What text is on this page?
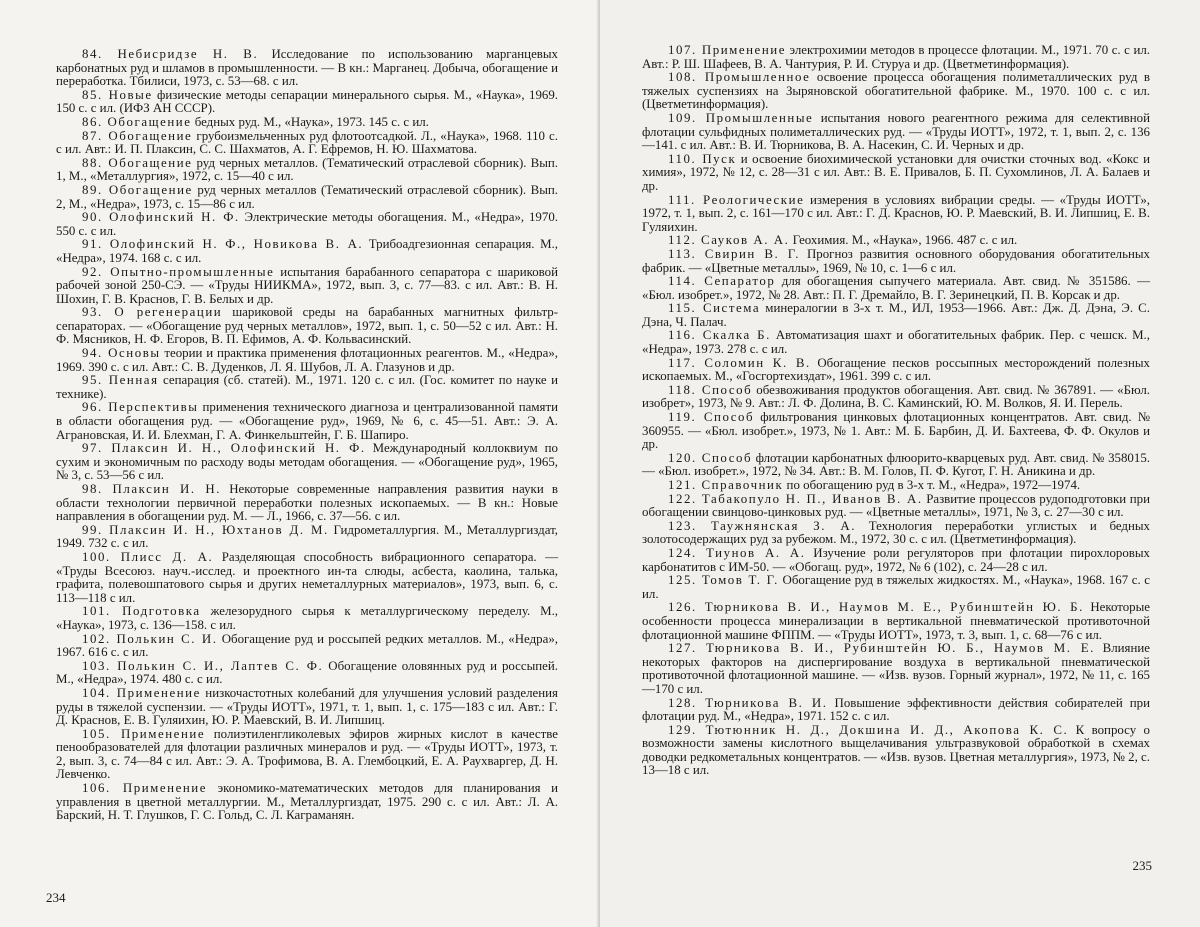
84. Небисридзе Н. В. Исследование по использованию марганцевых карбонатных руд и шламов в промышленности. — В кн.: Марганец. Добыча, обогащение и переработка. Тбилиси, 1973, с. 53—68. с ил.

85. Новые физические методы сепарации минерального сырья. М., «Наука», 1969. 150 с. с ил. (ИФЗ АН СССР).

86. Обогащение бедных руд. М., «Наука», 1973. 145 с. с ил.

87. Обогащение грубоизмельченных руд флотоотсадкой. Л., «Наука», 1968. 110 с. с ил. Авт.: И. П. Плаксин, С. С. Шахматов, А. Г. Ефремов, Н. Ю. Шахматова.

88. Обогащение руд черных металлов. (Тематический отраслевой сборник). Вып. 1, М., «Металлургия», 1972, с. 15—40 с ил.

89. Обогащение руд черных металлов (Тематический отраслевой сборник). Вып. 2, М., «Недра», 1973, с. 15—86 с ил.

90. Олофинский Н. Ф. Электрические методы обогащения. М., «Недра», 1970. 550 с. с ил.

91. Олофинский Н. Ф., Новикова В. А. Трибоадгезионная сепарация. М., «Недра», 1974. 168 с. с ил.

92. Опытно-промышленные испытания барабанного сепаратора с шариковой рабочей зоной 250-СЭ. — «Труды НИИКМА», 1972, вып. 3, с. 77—83. с ил. Авт.: В. Н. Шохин, Г. В. Краснов, Г. В. Белых и др.

93. О регенерации шариковой среды на барабанных магнитных фильтр-сепараторах. — «Обогащение руд черных металлов», 1972, вып. 1, с. 50—52 с ил. Авт.: Н. Ф. Мясников, Н. Ф. Егоров, В. П. Ефимов, А. Ф. Кольвасинский.

94. Основы теории и практика применения флотационных реагентов. М., «Недра», 1969. 390 с. с ил. Авт.: С. В. Дуденков, Л. Я. Шубов, Л. А. Глазунов и др.

95. Пенная сепарация (сб. статей). М., 1971. 120 с. с ил. (Гос. комитет по науке и технике).

96. Перспективы применения технического диагноза и централизованной памяти в области обогащения руд. — «Обогащение руд», 1969, № 6, с. 45—51. Авт.: Э. А. Аграновская, И. И. Блехман, Г. А. Финкельштейн, Г. Б. Шапиро.

97. Плаксин И. Н., Олофинский Н. Ф. Международный коллоквиум по сухим и экономичным по расходу воды методам обогащения. — «Обогащение руд», 1965, № 3, с. 53—56 с ил.

98. Плаксин И. Н. Некоторые современные направления развития науки в области технологии первичной переработки полезных ископаемых. — В кн.: Новые направления в обогащении руд. М. — Л., 1966, с. 37—56. с ил.

99. Плаксин И. Н., Юхтанов Д. М. Гидрометаллургия. М., Металлургиздат, 1949. 732 с. с ил.

100. Плисс Д. А. Разделяющая способность вибрационного сепаратора. — «Труды Всесоюз. науч.-исслед. и проектного ин-та слюды, асбеста, каолина, талька, графита, полевошпатового сырья и других неметаллурных материалов», 1973, вып. 6, с. 113—118 с ил.

101. Подготовка железорудного сырья к металлургическому переделу. М., «Наука», 1973, с. 136—158. с ил.

102. Полькин С. И. Обогащение руд и россыпей редких металлов. М., «Недра», 1967. 616 с. с ил.

103. Полькин С. И., Лаптев С. Ф. Обогащение оловянных руд и россыпей. М., «Недра», 1974. 480 с. с ил.

104. Применение низкочастотных колебаний для улучшения условий разделения руды в тяжелой суспензии. — «Труды ИОТТ», 1971, т. 1, вып. 1, с. 175—183 с ил. Авт.: Г. Д. Краснов, Е. В. Гуляихин, Ю. Р. Маевский, В. И. Липшиц.

105. Применение полиэтиленгликолевых эфиров жирных кислот в качестве пенообразователей для флотации различных минералов и руд. — «Труды ИОТТ», 1973, т. 2, вып. 3, с. 74—84 с ил. Авт.: Э. А. Трофимова, В. А. Глембоцкий, Е. А. Раухваргер, Д. Н. Левченко.

106. Применение экономико-математических методов для планирования и управления в цветной металлургии. М., Металлургиздат, 1975. 290 с. с ил. Авт.: Л. А. Барский, Н. Т. Глушков, Г. С. Гольд, С. Л. Каграманян.

234

107. Применение электрохимии методов в процессе флотации. М., 1971. 70 с. с ил. Авт.: Р. Ш. Шафеев, В. А. Чантурия, Р. И. Стуруа и др. (Цветметинформация).

108. Промышленное освоение процесса обогащения полиметаллических руд в тяжелых суспензиях на Зыряновской обогатительной фабрике. М., 1970. 100 с. с ил. (Цветметинформация).

109. Промышленные испытания нового реагентного режима для селективной флотации сульфидных полиметаллических руд. — «Труды ИОТТ», 1972, т. 1, вып. 2, с. 136—141. с ил. Авт.: В. И. Тюрникова, В. А. Насекин, С. И. Черных и др.

110. Пуск и освоение биохимической установки для очистки сточных вод. «Кокс и химия», 1972, № 12, с. 28—31 с ил. Авт.: В. Е. Привалов, Б. П. Сухомлинов, Л. А. Балаев и др.

111. Реологические измерения в условиях вибрации среды. — «Труды ИОТТ», 1972, т. 1, вып. 2, с. 161—170 с ил. Авт.: Г. Д. Краснов, Ю. Р. Маевский, В. И. Липшиц, Е. В. Гуляихин.

112. Сауков А. А. Геохимия. М., «Наука», 1966. 487 с. с ил.

113. Свирин В. Г. Прогноз развития основного оборудования обогатительных фабрик. — «Цветные металлы», 1969, № 10, с. 1—6 с ил.

114. Сепаратор для обогащения сыпучего материала. Авт. свид. № 351586. — «Бюл. изобрет.», 1972, № 28. Авт.: П. Г. Дремайло, В. Г. Зеринецкий, П. В. Корсак и др.

115. Система минералогии в 3-х т. М., ИЛ, 1953—1966. Авт.: Дж. Д. Дэна, Э. С. Дэна, Ч. Палач.

116. Скалка Б. Автоматизация шахт и обогатительных фабрик. Пер. с чешск. М., «Недра», 1973. 278 с. с ил.

117. Соломин К. В. Обогащение песков россыпных месторождений полезных ископаемых. М., «Госгортехиздат», 1961. 399 с. с ил.

118. Способ обезвоживания продуктов обогащения. Авт. свид. № 367891. — «Бюл. изобрет», 1973, № 9. Авт.: Л. Ф. Долина, В. С. Каминский, Ю. М. Волков, Я. И. Перель.

119. Способ фильтрования цинковых флотационных концентратов. Авт. свид. № 360955. — «Бюл. изобрет.», 1973, № 1. Авт.: М. Б. Барбин, Д. И. Бахтеева, Ф. Ф. Окулов и др.

120. Способ флотации карбонатных флюорито-кварцевых руд. Авт. свид. № 358015. — «Бюл. изобрет.», 1972, № 34. Авт.: В. М. Голов, П. Ф. Кугот, Г. Н. Аникина и др.

121. Справочник по обогащению руд в 3-х т. М., «Недра», 1972—1974.

122. Табакопуло Н. П., Иванов В. А. Развитие процессов рудоподготовки при обогащении свинцово-цинковых руд. — «Цветные металлы», 1971, № 3, с. 27—30 с ил.

123. Таужнянская З. А. Технология переработки углистых и бедных золотосодержащих руд за рубежом. М., 1972, 30 с. с ил. (Цветметинформация).

124. Тиунов А. А. Изучение роли регуляторов при флотации пирохлоровых карбонатитов с ИМ-50. — «Обогащ. руд», 1972, № 6 (102), с. 24—28 с ил.

125. Томов Т. Г. Обогащение руд в тяжелых жидкостях. М., «Наука», 1968. 167 с. с ил.

126. Тюрникова В. И., Наумов М. Е., Рубинштейн Ю. Б. Некоторые особенности процесса минерализации в вертикальной пневматической противоточной флотационной машине ФППМ. — «Труды ИОТТ», 1973, т. 3, вып. 1, с. 68—76 с ил.

127. Тюрникова В. И., Рубинштейн Ю. Б., Наумов М. Е. Влияние некоторых факторов на диспергирование воздуха в вертикальной пневматической противоточной флотационной машине. — «Изв. вузов. Горный журнал», 1972, № 11, с. 165—170 с ил.

128. Тюрникова В. И. Повышение эффективности действия собирателей при флотации руд. М., «Недра», 1971. 152 с. с ил.

129. Тютюнник Н. Д., Докшина И. Д., Акопова К. С. К вопросу о возможности замены кислотного выщелачивания ультразвуковой обработкой в схемах доводки редкометальных концентратов. — «Изв. вузов. Цветная металлургия», 1973, № 2, с. 13—18 с ил.

235
